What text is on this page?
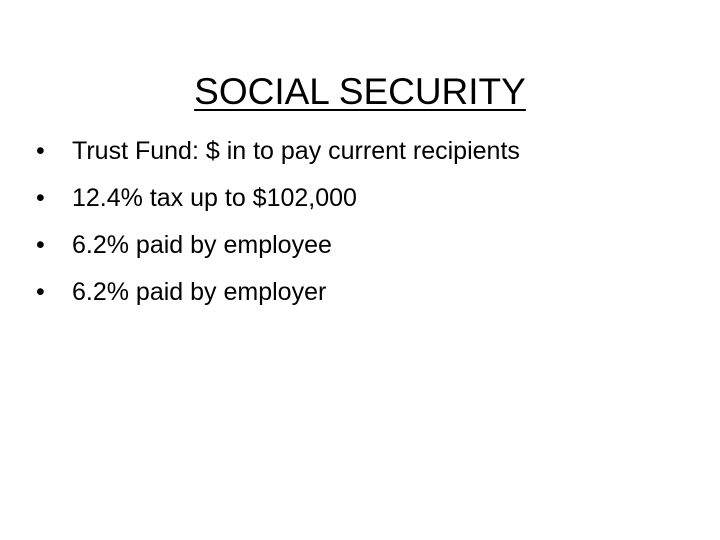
SOCIAL SECURITY
•	Trust Fund: $ in to pay current recipients
•	12.4% tax up to $102,000
•	6.2% paid by employee
•	6.2% paid by employer
